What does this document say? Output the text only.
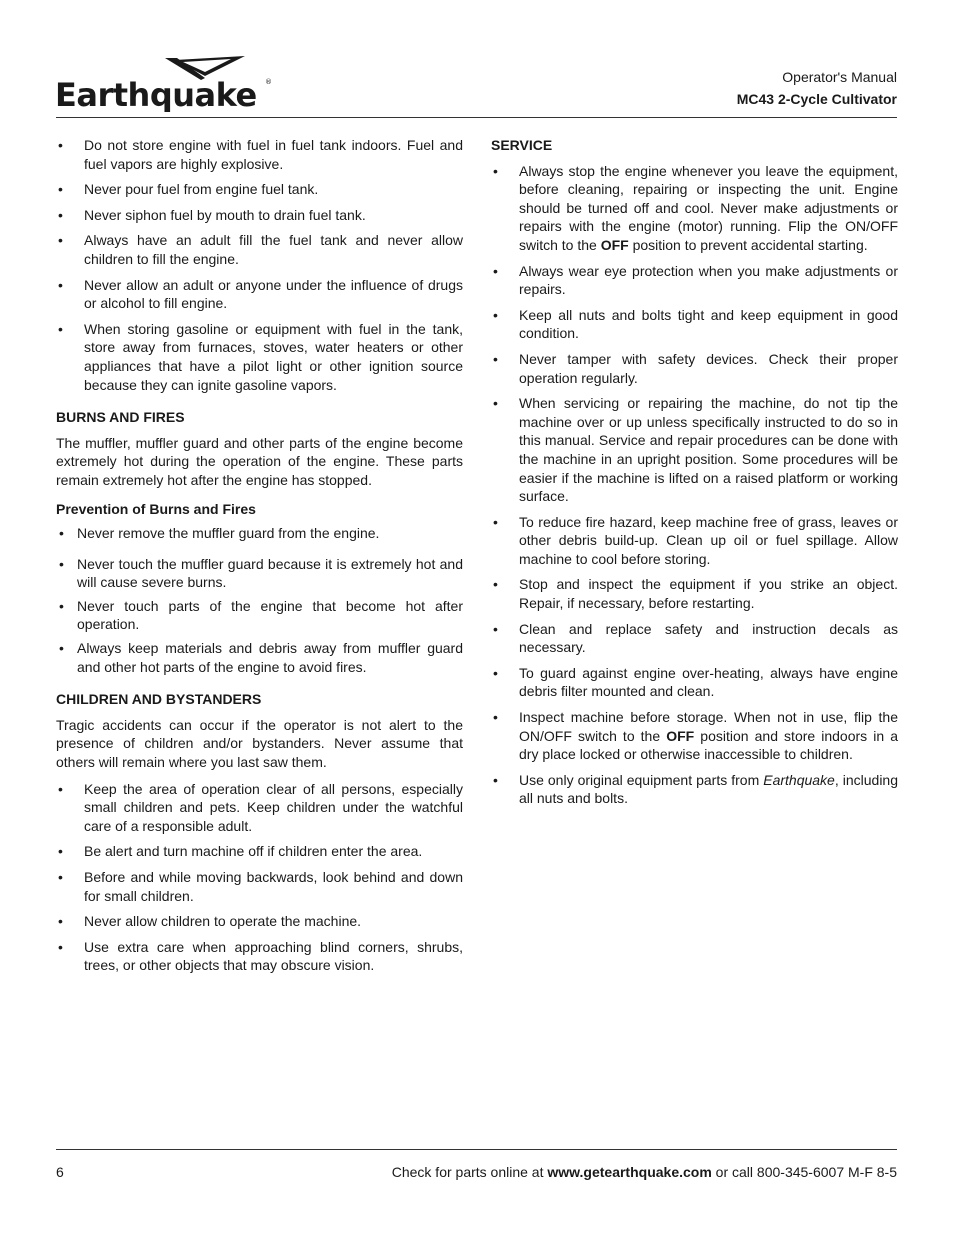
Earthquake ®	Operator's Manual
MC43 2-Cycle Cultivator
• Do not store engine with fuel in fuel tank indoors. Fuel and fuel vapors are highly explosive.
• Never pour fuel from engine fuel tank.
• Never siphon fuel by mouth to drain fuel tank.
• Always have an adult fill the fuel tank and never allow children to fill the engine.
• Never allow an adult or anyone under the influence of drugs or alcohol to fill engine.
• When storing gasoline or equipment with fuel in the tank, store away from furnaces, stoves, water heaters or other appliances that have a pilot light or other ignition source because they can ignite gasoline vapors.
BURNS AND FIRES

The muffler, muffler guard and other parts of the engine become extremely hot during the operation of the engine. These parts remain extremely hot after the engine has stopped.

Prevention of Burns and Fires
• Never remove the muffler guard from the engine.
• Never touch the muffler guard because it is extremely hot and will cause severe burns.
• Never touch parts of the engine that become hot after operation.
• Always keep materials and debris away from muffler guard and other hot parts of the engine to avoid fires.
CHILDREN AND BYSTANDERS

Tragic accidents can occur if the operator is not alert to the presence of children and/or bystanders. Never assume that others will remain where you last saw them.

• Keep the area of operation clear of all persons, especially small children and pets. Keep children under the watchful care of a responsible adult.
• Be alert and turn machine off if children enter the area.
• Before and while moving backwards, look behind and down for small children.
• Never allow children to operate the machine.
• Use extra care when approaching blind corners, shrubs, trees, or other objects that may obscure vision.
SERVICE
• Always stop the engine whenever you leave the equipment, before cleaning, repairing or inspecting the unit. Engine should be turned off and cool. Never make adjustments or repairs with the engine (motor) running. Flip the ON/OFF switch to the OFF position to prevent accidental starting.
• Always wear eye protection when you make adjustments or repairs.
• Keep all nuts and bolts tight and keep equipment in good condition.
• Never tamper with safety devices. Check their proper operation regularly.
• When servicing or repairing the machine, do not tip the machine over or up unless specifically instructed to do so in this manual. Service and repair procedures can be done with the machine in an upright position. Some procedures will be easier if the machine is lifted on a raised platform or working surface.
• To reduce fire hazard, keep machine free of grass, leaves or other debris build-up. Clean up oil or fuel spillage. Allow machine to cool before storing.
• Stop and inspect the equipment if you strike an object. Repair, if necessary, before restarting.
• Clean and replace safety and instruction decals as necessary.
• To guard against engine over-heating, always have engine debris filter mounted and clean.
• Inspect machine before storage. When not in use, flip the ON/OFF switch to the OFF position and store indoors in a dry place locked or otherwise inaccessible to children.
• Use only original equipment parts from Earthquake, including all nuts and bolts.
6	Check for parts online at www.getearthquake.com or call 800-345-6007 M-F 8-5
